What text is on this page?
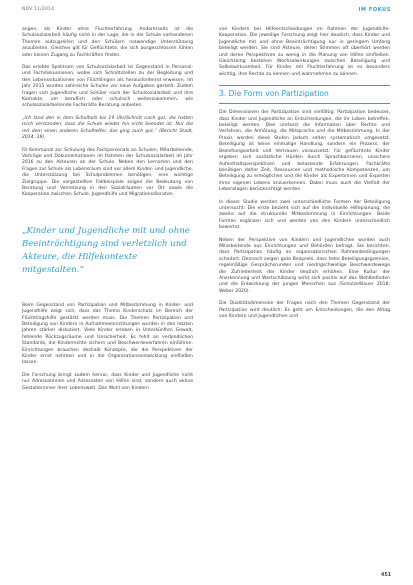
NDV 11/2014	IM FOKUS

angen, als Kinder ohne Fluchterfahrung. Andererseits ist die Schulsozialarbeit häufig nicht in der Lage, die in der Schule vorhandenen Themen aufzugreifen und den Schülern notwendige Unterstützung anzubieten. Gleiches gilt für Geflüchtete, die sich ausgeschlossen fühlen oder keinen Zugang zu Fachkräften finden.

Das erlebte Spektrum von Schulsozialarbeit ist Gegenstand in Personal- und Fachdiskussionen, wobei sich Schnittstellen zu der Begleitung und den Lebenssituationen von Flüchtlingen als herausfordernd erweisen. Im Jahr 2015 wurden zahlreiche Schulen vor neue Aufgaben gestellt. Zudem fragen sich Jugendliche und Schüler nach der Schulsozialarbeit und ihre Kontakte, um beruflich oder schulisch weiterzukommen, wie schulsozialarbeitende Fachkräfte Beratung anbieten.

„Ich fand den in dem Schulhofs bis 19 Uhr/Schnitt nach gut, die hatten mich verstanden, dass die Schule wieder hin nicht beendet ist. Nur die mit dem einen anderen Schulhelfer, das ging auch gut.“ (Bericht Stadt, 2014, 18).

Fit Kommunal zur Schulung des Fachpersonals an Schulen, Mitarbeitende, Vorträge und Dokumentationen im Rahmen der Schulsozialarbeit im Jahr 2016 zu den Akteuren an der Schule. Neben den Lernorten und den Fragen zur Schule als Lebensraum sind vor allem Kinder- und Jugendliche, die Unterstützung bei Schulproblemen benötigen, eine wichtige Zielgruppe. Die vorgestellten Fallbeispiele zeigen die Bedeutung von Beratung und Vernetzung in den Sozialräumen vor Ort sowie die Kooperation zwischen Schule, Jugendhilfe und Migrationsdiensten.

„Kinder und Jugendliche mit und ohne Beeinträchtigung sind verletzlich und Akteure, die Hilfekontexte mitgestalten.“

Beim Gegenstand von Partizipation und Mitbestimmung in Kinder- und Jugendhilfe zeigt sich, dass das Thema Kinderschutz im Bereich der Flüchtlingshilfe gestärkt werden muss. Die Themen Partizipation und Beteiligung von Kindern in Aufnahmeeinrichtungen wurden in den letzten Jahren stärker diskutiert. Viele Kinder erleben in Unterkünften Gewalt, fehlende Rückzugsräume und Unsicherheit. Es fehlt an verbindlichen Standards, die Kinderrechte sichern und Beschwerdeverfahren einführen. Einrichtungen brauchen deshalb Konzepte, die die Perspektiven der Kinder ernst nehmen und in die Organisationsentwicklung einfließen lassen.

Die Forschung bringt zudem hervor, dass Kinder und Jugendliche nicht nur Adressatinnen und Adressaten von Hilfen sind, sondern auch aktive Gestalterinnen ihrer Lebenswelt. Das Wohl von Kindern

von Kindern bei Hilfeentscheidungen im Rahmen der Jugendhilfe-Kooperation. Die jeweilige Forschung zeigt hier deutlich, dass Kinder und Jugendliche mit und ohne Beeinträchtigung nur in geringem Umfang beteiligt werden. Sie sind Akteure, deren Stimmen oft überhört werden und deren Perspektiven zu wenig in die Planung von Hilfen einfließen. Gleichzeitig bestehen Wechselwirkungen zwischen Beteiligung und Selbstwirksamkeit. Für Kinder mit Fluchterfahrung ist es besonders wichtig, ihre Rechte zu kennen und wahrnehmen zu können.

3. Die Form von Partizipation

Die Dimensionen der Partizipation sind vielfältig: Partizipation bedeutet, dass Kinder und Jugendliche an Entscheidungen, die ihr Leben betreffen, beteiligt werden. Dies umfasst die Information über Rechte und Verfahren, die Anhörung, die Mitsprache und die Mitbestimmung. In der Praxis werden diese Stufen jedoch selten systematisch umgesetzt. Beteiligung ist keine einmalige Handlung, sondern ein Prozess, der Beziehungsarbeit und Vertrauen voraussetzt. Für geflüchtete Kinder ergeben sich zusätzliche Hürden durch Sprachbarrieren, unsichere Aufenthaltsperspektiven und belastende Erfahrungen. Fachkräfte benötigen daher Zeit, Ressourcen und methodische Kompetenzen, um Beteiligung zu ermöglichen und die Kinder als Expertinnen und Experten ihres eigenen Lebens anzuerkennen. Dabei muss auch die Vielfalt der Lebenslagen berücksichtigt werden.

In dieser Studie werden zwei unterschiedliche Formen der Beteiligung untersucht: Die erste bezieht sich auf die individuelle Hilfeplanung, die zweite auf die strukturelle Mitbestimmung in Einrichtungen. Beide Formen ergänzen sich und werden von den Kindern unterschiedlich bewertet.

Neben der Perspektive von Kindern und Jugendlichen wurden auch Mitarbeitende aus Einrichtungen und Behörden befragt. Sie berichten, dass Partizipation häufig an organisatorischen Rahmenbedingungen scheitert. Dennoch zeigen gute Beispiele, dass feste Beteiligungsgremien, regelmäßige Gesprächsrunden und niedrigschwellige Beschwerdewege die Zufriedenheit der Kinder deutlich erhöhen. Eine Kultur der Anerkennung und Wertschätzung wirkt sich positiv auf das Wohlbefinden und die Entwicklung der jungen Menschen aus (Schulze/Bauer 2018; Weber 2020).

Die Qualitätsdimension der Fragen nach den Themen Gegenstand der Partizipation wird deutlich: Es geht um Entscheidungen, die den Alltag von Kindern und Jugendlichen und

451
